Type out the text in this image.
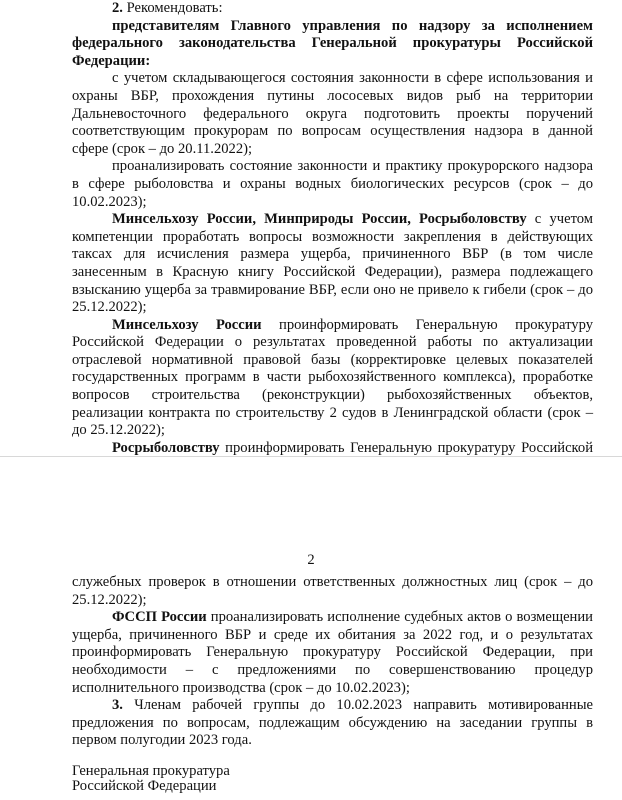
2. Рекомендовать:

представителям Главного управления по надзору за исполнением федерального законодательства Генеральной прокуратуры Российской Федерации:

с учетом складывающегося состояния законности в сфере использования и охраны ВБР, прохождения путины лососевых видов рыб на территории Дальневосточного федерального округа подготовить проекты поручений соответствующим прокурорам по вопросам осуществления надзора в данной сфере (срок – до 20.11.2022);

проанализировать состояние законности и практику прокурорского надзора в сфере рыболовства и охраны водных биологических ресурсов (срок – до 10.02.2023);

Минсельхозу России, Минприроды России, Росрыболовству с учетом компетенции проработать вопросы возможности закрепления в действующих таксах для исчисления размера ущерба, причиненного ВБР (в том числе занесенным в Красную книгу Российской Федерации), размера подлежащего взысканию ущерба за травмирование ВБР, если оно не привело к гибели (срок – до 25.12.2022);

Минсельхозу России проинформировать Генеральную прокуратуру Российской Федерации о результатах проведенной работы по актуализации отраслевой нормативной правовой базы (корректировке целевых показателей государственных программ в части рыбохозяйственного комплекса), проработке вопросов строительства (реконструкции) рыбохозяйственных объектов, реализации контракта по строительству 2 судов в Ленинградской области (срок – до 25.12.2022);

Росрыболовству проинформировать Генеральную прокуратуру Российской

2

служебных проверок в отношении ответственных должностных лиц (срок – до 25.12.2022);

ФССП России проанализировать исполнение судебных актов о возмещении ущерба, причиненного ВБР и среде их обитания за 2022 год, и о результатах проинформировать Генеральную прокуратуру Российской Федерации, при необходимости – с предложениями по совершенствованию процедур исполнительного производства (срок – до 10.02.2023);

3. Членам рабочей группы до 10.02.2023 направить мотивированные предложения по вопросам, подлежащим обсуждению на заседании группы в первом полугодии 2023 года.

Генеральная прокуратура
Российской Федерации
